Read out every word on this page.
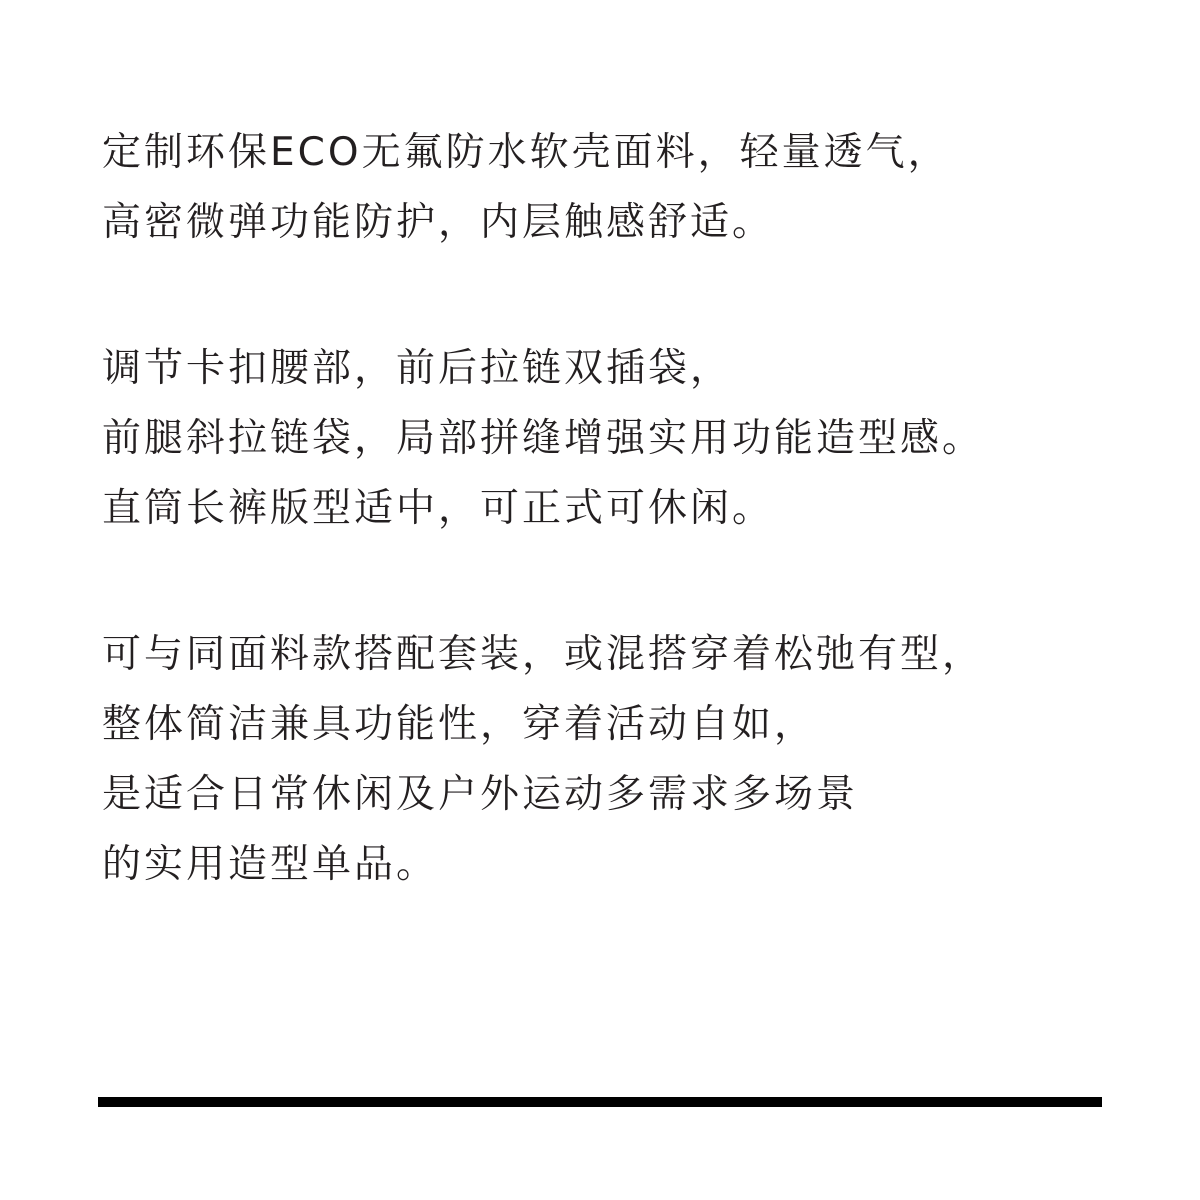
定制环保ECO无氟防水软壳面料，轻量透气，
高密微弹功能防护，内层触感舒适。
调节卡扣腰部，前后拉链双插袋，
前腿斜拉链袋，局部拼缝增强实用功能造型感。
直筒长裤版型适中，可正式可休闲。
可与同面料款搭配套装，或混搭穿着松弛有型，
整体简洁兼具功能性，穿着活动自如，
是适合日常休闲及户外运动多需求多场景
的实用造型单品。
